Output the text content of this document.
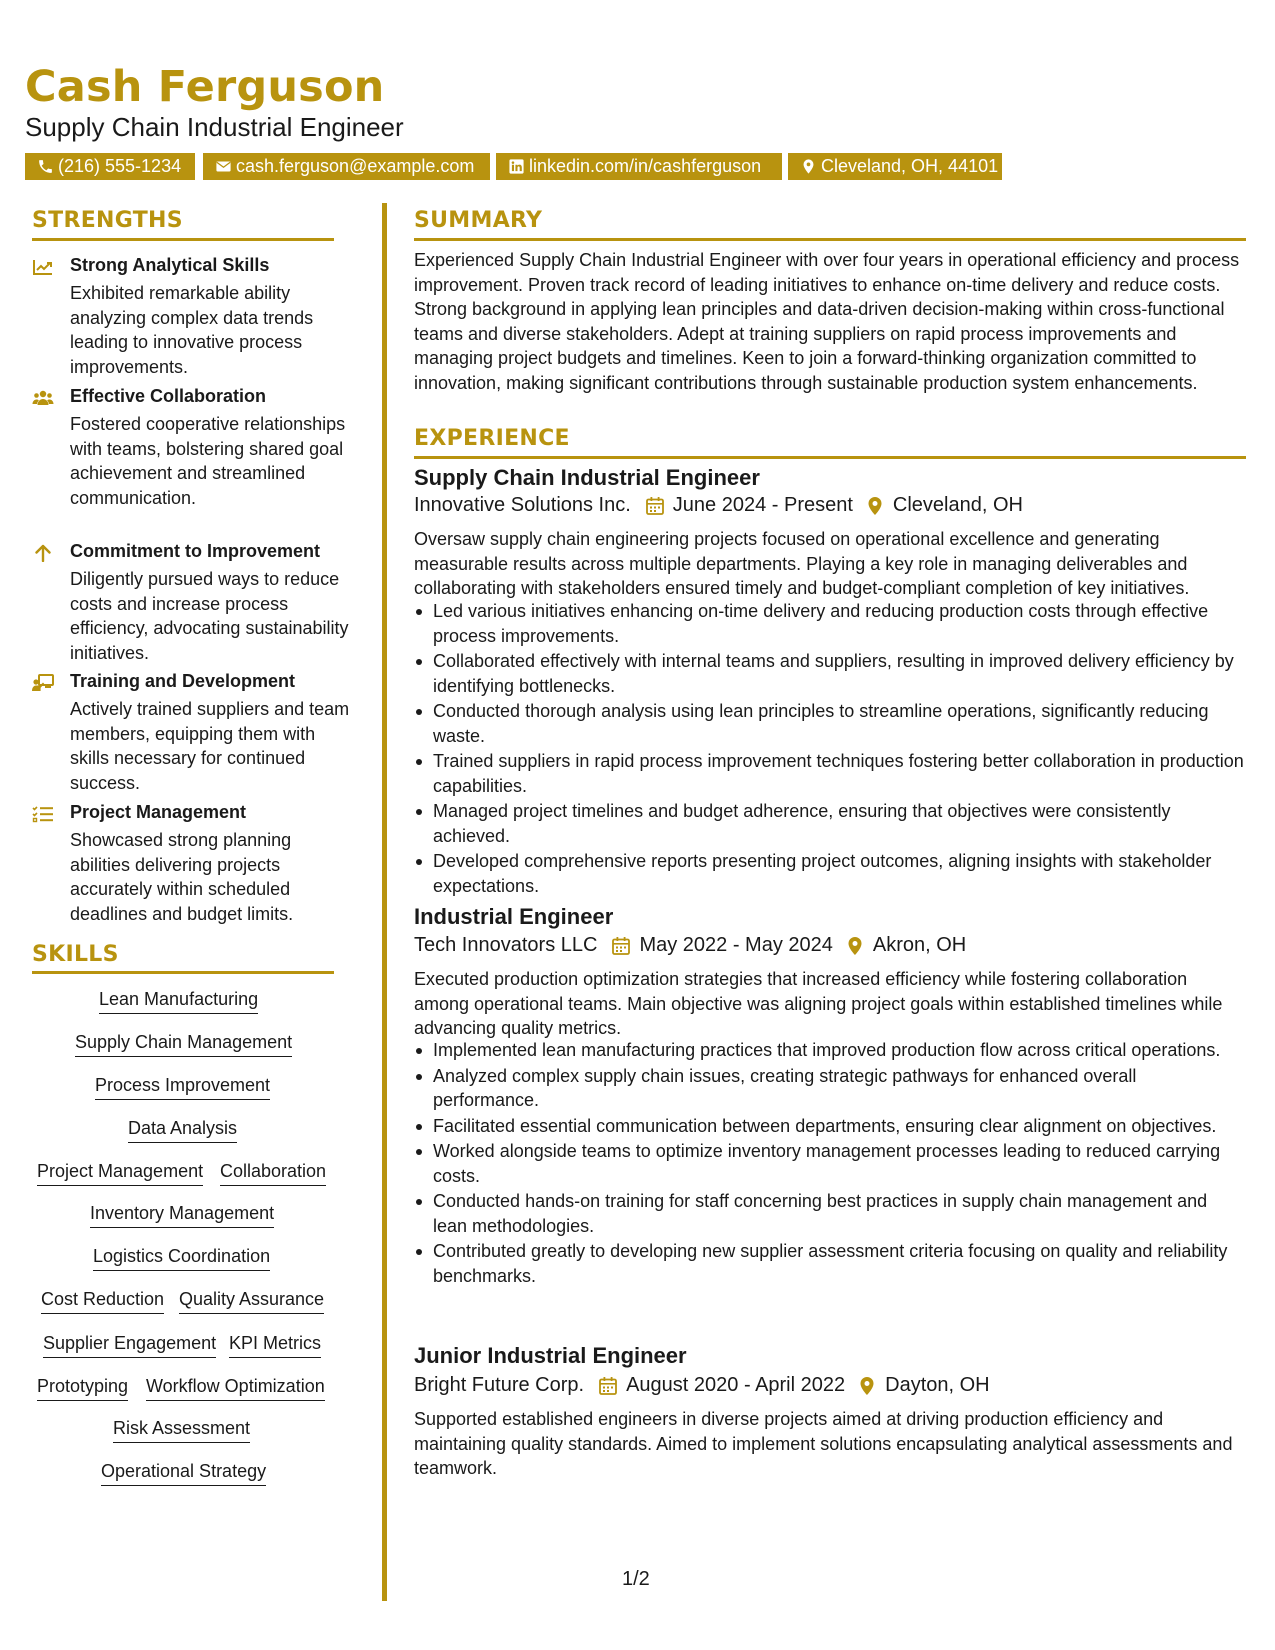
Cash Ferguson
Supply Chain Industrial Engineer
(216) 555-1234	cash.ferguson@example.com	linkedin.com/in/cashferguson	Cleveland, OH, 44101
STRENGTHS
Strong Analytical Skills
Exhibited remarkable ability analyzing complex data trends leading to innovative process improvements.
Effective Collaboration
Fostered cooperative relationships with teams, bolstering shared goal achievement and streamlined communication.
Commitment to Improvement
Diligently pursued ways to reduce costs and increase process efficiency, advocating sustainability initiatives.
Training and Development
Actively trained suppliers and team members, equipping them with skills necessary for continued success.
Project Management
Showcased strong planning abilities delivering projects accurately within scheduled deadlines and budget limits.
SKILLS
Lean Manufacturing
Supply Chain Management
Process Improvement
Data Analysis
Project Management Collaboration
Inventory Management
Logistics Coordination
Cost Reduction Quality Assurance
Supplier Engagement KPI Metrics
Prototyping Workflow Optimization
Risk Assessment
Operational Strategy
SUMMARY

Experienced Supply Chain Industrial Engineer with over four years in operational efficiency and process improvement. Proven track record of leading initiatives to enhance on-time delivery and reduce costs. Strong background in applying lean principles and data-driven decision-making within cross-functional teams and diverse stakeholders. Adept at training suppliers on rapid process improvements and managing project budgets and timelines. Keen to join a forward-thinking organization committed to innovation, making significant contributions through sustainable production system enhancements.

EXPERIENCE
Supply Chain Industrial Engineer
Innovative Solutions Inc. June 2024 - Present Cleveland, OH

Oversaw supply chain engineering projects focused on operational excellence and generating measurable results across multiple departments. Playing a key role in managing deliverables and collaborating with stakeholders ensured timely and budget-compliant completion of key initiatives.

Led various initiatives enhancing on-time delivery and reducing production costs through effective process improvements.
Collaborated effectively with internal teams and suppliers, resulting in improved delivery efficiency by identifying bottlenecks.
Conducted thorough analysis using lean principles to streamline operations, significantly reducing waste.
Trained suppliers in rapid process improvement techniques fostering better collaboration in production capabilities.
Managed project timelines and budget adherence, ensuring that objectives were consistently achieved.
Developed comprehensive reports presenting project outcomes, aligning insights with stakeholder expectations.
Industrial Engineer
Tech Innovators LLC May 2022 - May 2024 Akron, OH

Executed production optimization strategies that increased efficiency while fostering collaboration among operational teams. Main objective was aligning project goals within established timelines while advancing quality metrics.

Implemented lean manufacturing practices that improved production flow across critical operations.
Analyzed complex supply chain issues, creating strategic pathways for enhanced overall performance.
Facilitated essential communication between departments, ensuring clear alignment on objectives.
Worked alongside teams to optimize inventory management processes leading to reduced carrying costs.
Conducted hands-on training for staff concerning best practices in supply chain management and lean methodologies.
Contributed greatly to developing new supplier assessment criteria focusing on quality and reliability benchmarks.
Junior Industrial Engineer
Bright Future Corp. August 2020 - April 2022 Dayton, OH

Supported established engineers in diverse projects aimed at driving production efficiency and maintaining quality standards. Aimed to implement solutions encapsulating analytical assessments and teamwork.

1/2
